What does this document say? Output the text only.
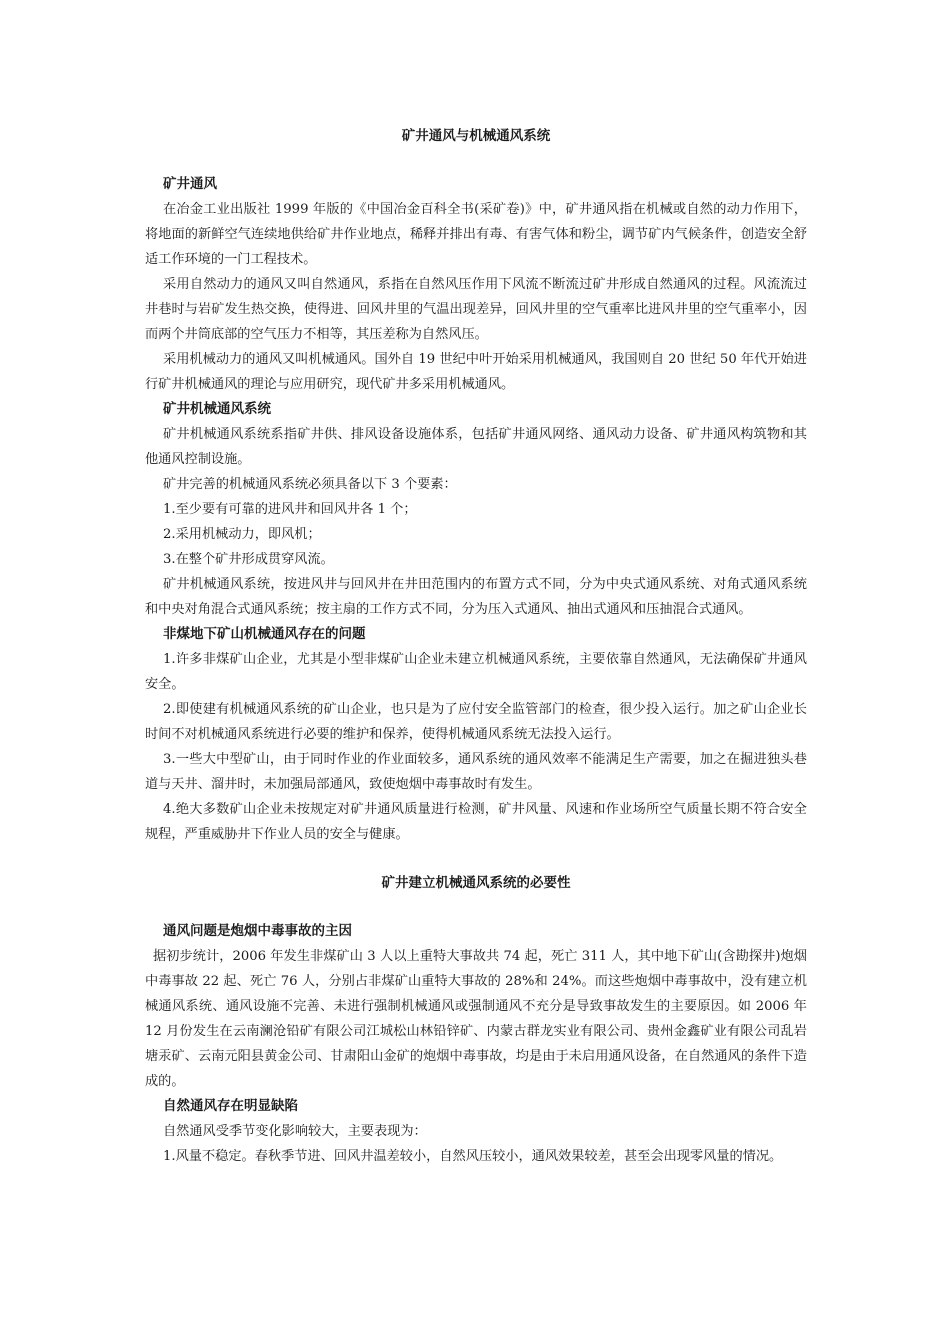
矿井通风与机械通风系统
矿井通风

在冶金工业出版社 1999 年版的《中国冶金百科全书(采矿卷)》中，矿井通风指在机械或自然的动力作用下，将地面的新鲜空气连续地供给矿井作业地点，稀释并排出有毒、有害气体和粉尘，调节矿内气候条件，创造安全舒适工作环境的一门工程技术。

采用自然动力的通风又叫自然通风，系指在自然风压作用下风流不断流过矿井形成自然通风的过程。风流流过井巷时与岩矿发生热交换，使得进、回风井里的气温出现差异，回风井里的空气重率比进风井里的空气重率小，因而两个井筒底部的空气压力不相等，其压差称为自然风压。

采用机械动力的通风又叫机械通风。国外自 19 世纪中叶开始采用机械通风，我国则自 20 世纪 50 年代开始进行矿井机械通风的理论与应用研究，现代矿井多采用机械通风。

矿井机械通风系统

矿井机械通风系统系指矿井供、排风设备设施体系，包括矿井通风网络、通风动力设备、矿井通风构筑物和其他通风控制设施。

矿井完善的机械通风系统必须具备以下 3 个要素：

1.至少要有可靠的进风井和回风井各 1 个；

2.采用机械动力，即风机；

3.在整个矿井形成贯穿风流。

矿井机械通风系统，按进风井与回风井在井田范围内的布置方式不同，分为中央式通风系统、对角式通风系统和中央对角混合式通风系统；按主扇的工作方式不同，分为压入式通风、抽出式通风和压抽混合式通风。

非煤地下矿山机械通风存在的问题

1.许多非煤矿山企业，尤其是小型非煤矿山企业未建立机械通风系统，主要依靠自然通风，无法确保矿井通风安全。

2.即使建有机械通风系统的矿山企业，也只是为了应付安全监管部门的检查，很少投入运行。加之矿山企业长时间不对机械通风系统进行必要的维护和保养，使得机械通风系统无法投入运行。

3.一些大中型矿山，由于同时作业的作业面较多，通风系统的通风效率不能满足生产需要，加之在掘进独头巷道与天井、溜井时，未加强局部通风，致使炮烟中毒事故时有发生。

4.绝大多数矿山企业未按规定对矿井通风质量进行检测，矿井风量、风速和作业场所空气质量长期不符合安全规程，严重威胁井下作业人员的安全与健康。

矿井建立机械通风系统的必要性
通风问题是炮烟中毒事故的主因

据初步统计，2006 年发生非煤矿山 3 人以上重特大事故共 74 起，死亡 311 人，其中地下矿山(含勘探井)炮烟中毒事故 22 起、死亡 76 人，分别占非煤矿山重特大事故的 28%和 24%。而这些炮烟中毒事故中，没有建立机械通风系统、通风设施不完善、未进行强制机械通风或强制通风不充分是导致事故发生的主要原因。如 2006 年 12 月份发生在云南澜沧铅矿有限公司江城松山林铅锌矿、内蒙古群龙实业有限公司、贵州金鑫矿业有限公司乱岩塘汞矿、云南元阳县黄金公司、甘肃阳山金矿的炮烟中毒事故，均是由于未启用通风设备，在自然通风的条件下造成的。

自然通风存在明显缺陷

自然通风受季节变化影响较大，主要表现为：

1.风量不稳定。春秋季节进、回风井温差较小，自然风压较小，通风效果较差，甚至会出现零风量的情况。
